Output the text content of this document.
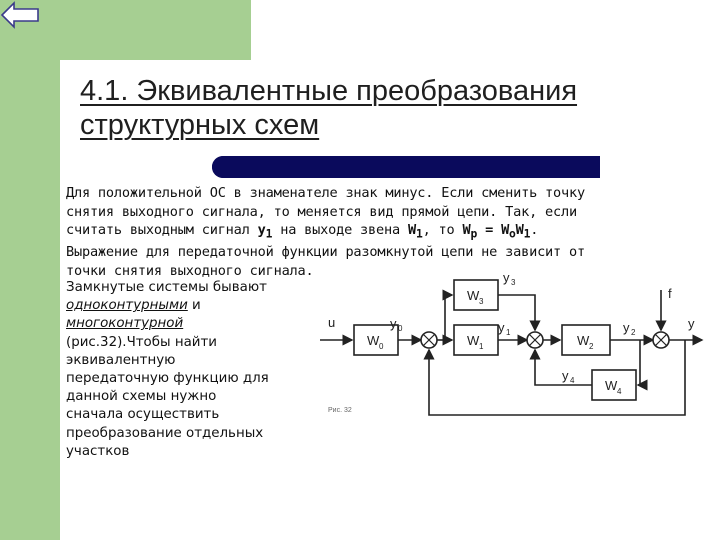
4.1. Эквивалентные преобразования
структурных схем
Для положительной ОС в знаменателе знак минус. Если сменить точку
снятия выходного сигнала, то меняется вид прямой цепи. Так, если
считать выходным сигнал $y_1$ на выходе звена $W_1$, то $W_p = W_oW_1$.
Выражение для передаточной функции разомкнутой цепи не зависит от
точки снятия выходного сигнала.
Замкнутые системы бывают
одноконтурными и
многоконтурной
(рис.32).Чтобы найти
эквивалентную
передаточную функцию для
данной схемы нужно
сначала осуществить
преобразование отдельных
участков
u
W 0
y 0
W 1
W 3
y 3
y 1
W 2
y 2
f
y
W 4
y 4
Рис. 32
